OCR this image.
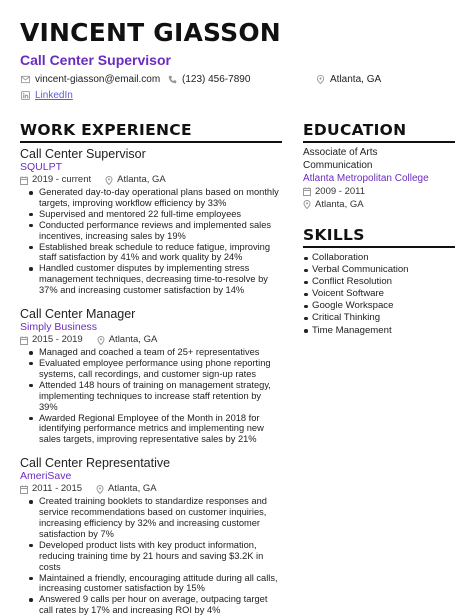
VINCENT GIASSON
Call Center Supervisor
vincent-giasson@email.com (123) 456-7890	Atlanta, GA
LinkedIn
WORK EXPERIENCE

Call Center Supervisor

SQULPT

2019 - current	Atlanta, GA
Generated day-to-day operational plans based on monthly targets, improving workflow efficiency by 33%
Supervised and mentored 22 full-time employees
Conducted performance reviews and implemented sales incentives, increasing sales by 19%
Established break schedule to reduce fatigue, improving staff satisfaction by 41% and work quality by 24%
Handled customer disputes by implementing stress management techniques, decreasing time-to-resolve by 37% and increasing customer satisfaction by 14%

Call Center Manager

Simply Business

2015 - 2019	Atlanta, GA
Managed and coached a team of 25+ representatives
Evaluated employee performance using phone reporting systems, call recordings, and customer sign-up rates
Attended 148 hours of training on management strategy, implementing techniques to increase staff retention by 39%
Awarded Regional Employee of the Month in 2018 for identifying performance metrics and implementing new sales targets, improving representative sales by 21%

Call Center Representative

AmeriSave

2011 - 2015	Atlanta, GA
Created training booklets to standardize responses and service recommendations based on customer inquiries, increasing efficiency by 32% and increasing customer satisfaction by 7%
Developed product lists with key product information, reducing training time by 21 hours and saving $3.2K in costs
Maintained a friendly, encouraging attitude during all calls, increasing customer satisfaction by 15%
Answered 9 calls per hour on average, outpacing target call rates by 17% and increasing ROI by 4%
EDUCATION

Associate of Arts Communication

Atlanta Metropolitan College

2009 - 2011
Atlanta, GA
SKILLS
Collaboration
Verbal Communication
Conflict Resolution
Voicent Software
Google Workspace
Critical Thinking
Time Management
